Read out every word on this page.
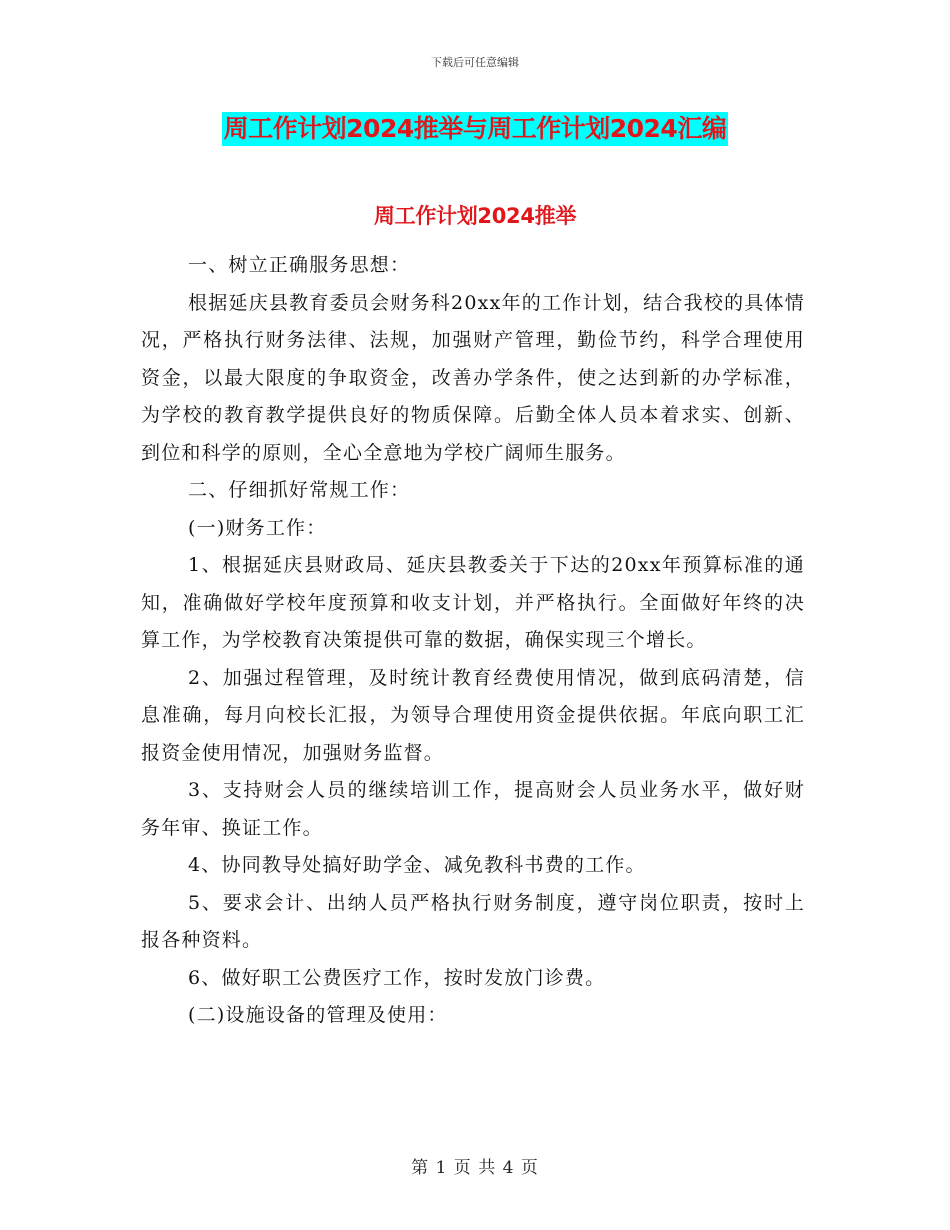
下载后可任意编辑
周工作计划2024推举与周工作计划2024汇编
周工作计划2024推举

一、树立正确服务思想：

根据延庆县教育委员会财务科20xx年的工作计划，结合我校的具体情况，严格执行财务法律、法规，加强财产管理，勤俭节约，科学合理使用资金，以最大限度的争取资金，改善办学条件，使之达到新的办学标准，为学校的教育教学提供良好的物质保障。后勤全体人员本着求实、创新、到位和科学的原则，全心全意地为学校广阔师生服务。

二、仔细抓好常规工作：

(一)财务工作：

1、根据延庆县财政局、延庆县教委关于下达的20xx年预算标准的通知，准确做好学校年度预算和收支计划，并严格执行。全面做好年终的决算工作，为学校教育决策提供可靠的数据，确保实现三个增长。

2、加强过程管理，及时统计教育经费使用情况，做到底码清楚，信息准确，每月向校长汇报，为领导合理使用资金提供依据。年底向职工汇报资金使用情况，加强财务监督。

3、支持财会人员的继续培训工作，提高财会人员业务水平，做好财务年审、换证工作。

4、协同教导处搞好助学金、减免教科书费的工作。

5、要求会计、出纳人员严格执行财务制度，遵守岗位职责，按时上报各种资料。

6、做好职工公费医疗工作，按时发放门诊费。

(二)设施设备的管理及使用：

第 1 页 共 4 页
